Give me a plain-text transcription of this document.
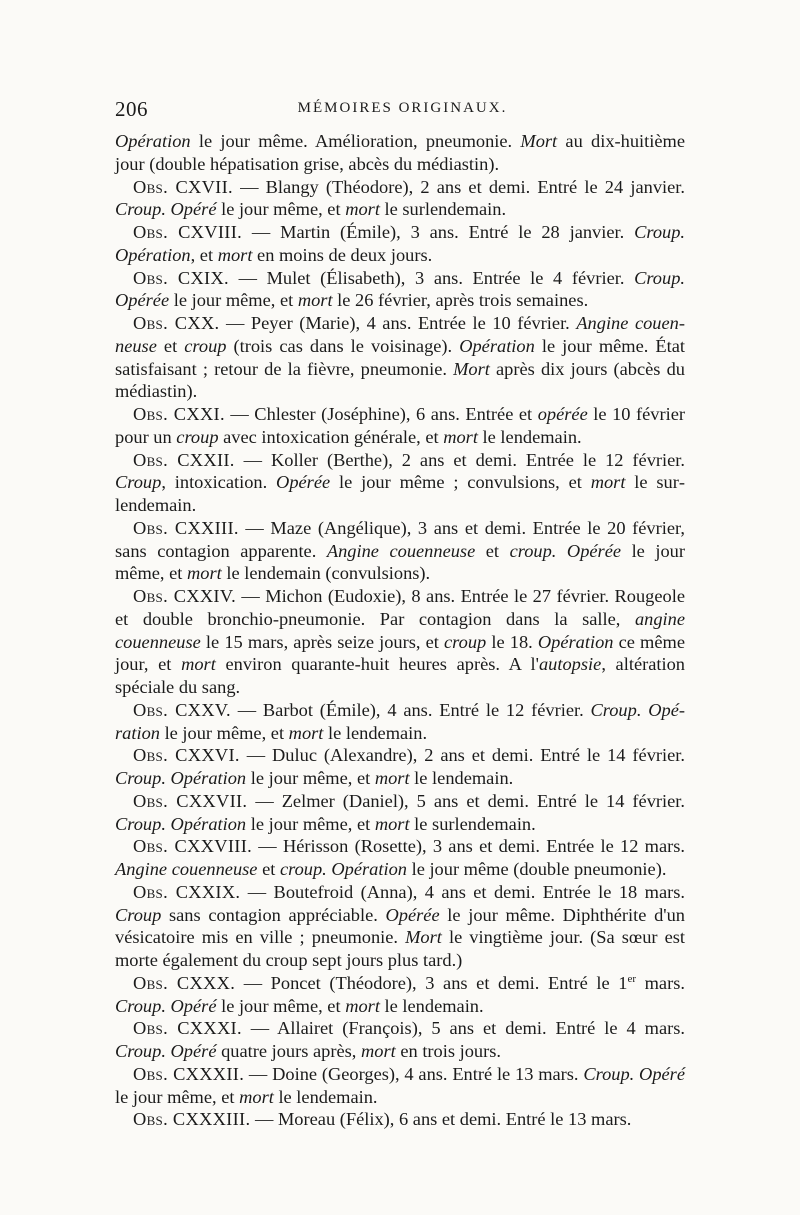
206	MÉMOIRES ORIGINAUX.

Opération le jour même. Amélioration, pneumonie. Mort au dix-huitième jour (double hépatisation grise, abcès du médiastin).

Obs. CXVII. — Blangy (Théodore), 2 ans et demi. Entré le 24 janvier. Croup. Opéré le jour même, et mort le surlendemain.

Obs. CXVIII. — Martin (Émile), 3 ans. Entré le 28 janvier. Croup. Opération, et mort en moins de deux jours.

Obs. CXIX. — Mulet (Élisabeth), 3 ans. Entrée le 4 février. Croup. Opérée le jour même, et mort le 26 février, après trois semaines.

Obs. CXX. — Peyer (Marie), 4 ans. Entrée le 10 février. Angine couenneuse et croup (trois cas dans le voisinage). Opération le jour même. État satisfaisant ; retour de la fièvre, pneumonie. Mort après dix jours (abcès du médiastin).

Obs. CXXI. — Chlester (Joséphine), 6 ans. Entrée et opérée le 10 février pour un croup avec intoxication générale, et mort le lendemain.

Obs. CXXII. — Koller (Berthe), 2 ans et demi. Entrée le 12 février. Croup, intoxication. Opérée le jour même ; convulsions, et mort le surlendemain.

Obs. CXXIII. — Maze (Angélique), 3 ans et demi. Entrée le 20 février, sans contagion apparente. Angine couenneuse et croup. Opérée le jour même, et mort le lendemain (convulsions).

Obs. CXXIV. — Michon (Eudoxie), 8 ans. Entrée le 27 février. Rougeole et double bronchio-pneumonie. Par contagion dans la salle, angine couenneuse le 15 mars, après seize jours, et croup le 18. Opération ce même jour, et mort environ quarante-huit heures après. A l'autopsie, altération spéciale du sang.

Obs. CXXV. — Barbot (Émile), 4 ans. Entré le 12 février. Croup. Opération le jour même, et mort le lendemain.

Obs. CXXVI. — Duluc (Alexandre), 2 ans et demi. Entré le 14 février. Croup. Opération le jour même, et mort le lendemain.

Obs. CXXVII. — Zelmer (Daniel), 5 ans et demi. Entré le 14 février. Croup. Opération le jour même, et mort le surlendemain.

Obs. CXXVIII. — Hérisson (Rosette), 3 ans et demi. Entrée le 12 mars. Angine couenneuse et croup. Opération le jour même (double pneumonie).

Obs. CXXIX. — Boutefroid (Anna), 4 ans et demi. Entrée le 18 mars. Croup sans contagion appréciable. Opérée le jour même. Diphthérite d'un vésicatoire mis en ville ; pneumonie. Mort le vingtième jour. (Sa sœur est morte également du croup sept jours plus tard.)

Obs. CXXX. — Poncet (Théodore), 3 ans et demi. Entré le 1er mars. Croup. Opéré le jour même, et mort le lendemain.

Obs. CXXXI. — Allairet (François), 5 ans et demi. Entré le 4 mars. Croup. Opéré quatre jours après, mort en trois jours.

Obs. CXXXII. — Doine (Georges), 4 ans. Entré le 13 mars. Croup. Opéré le jour même, et mort le lendemain.

Obs. CXXXIII. — Moreau (Félix), 6 ans et demi. Entré le 13 mars.
